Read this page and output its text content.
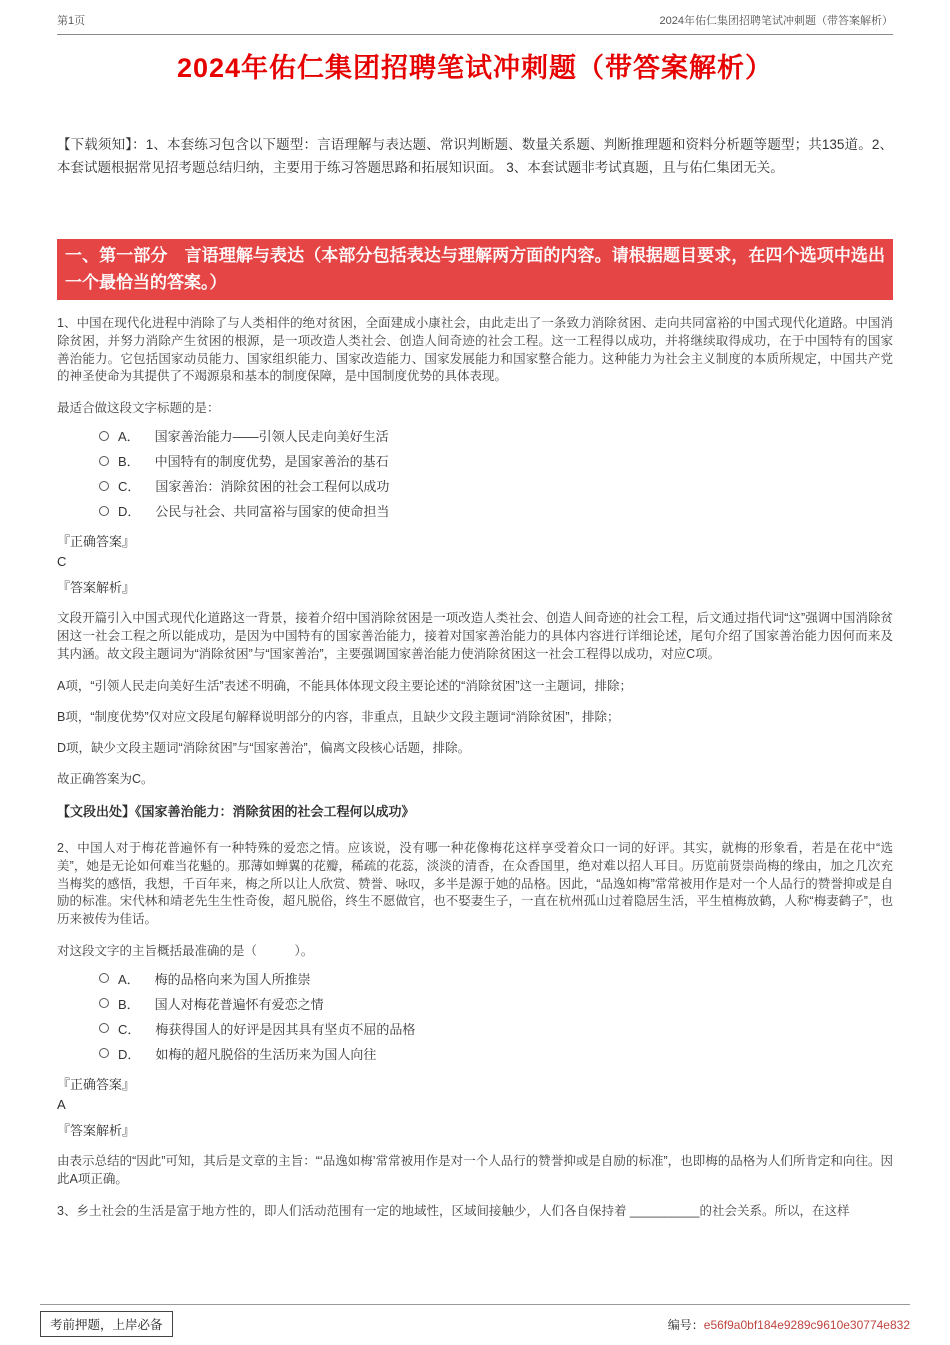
第1页	2024年佑仁集团招聘笔试冲刺题（带答案解析）
2024年佑仁集团招聘笔试冲刺题（带答案解析）

【下载须知】：1、本套练习包含以下题型：言语理解与表达题、常识判断题、数量关系题、判断推理题和资料分析题等题型；共135道。2、本套试题根据常见招考题总结归纳，主要用于练习答题思路和拓展知识面。 3、本套试题非考试真题，且与佑仁集团无关。

一、第一部分　言语理解与表达（本部分包括表达与理解两方面的内容。请根据题目要求，在四个选项中选出一个最恰当的答案。）

1、中国在现代化进程中消除了与人类相伴的绝对贫困，全面建成小康社会，由此走出了一条致力消除贫困、走向共同富裕的中国式现代化道路。中国消除贫困，并努力消除产生贫困的根源，是一项改造人类社会、创造人间奇迹的社会工程。这一工程得以成功，并将继续取得成功，在于中国特有的国家善治能力。它包括国家动员能力、国家组织能力、国家改造能力、国家发展能力和国家整合能力。这种能力为社会主义制度的本质所规定，中国共产党的神圣使命为其提供了不竭源泉和基本的制度保障，是中国制度优势的具体表现。

最适合做这段文字标题的是：

A． 国家善治能力——引领人民走向美好生活
B． 中国特有的制度优势，是国家善治的基石
C． 国家善治：消除贫困的社会工程何以成功
D． 公民与社会、共同富裕与国家的使命担当

『正确答案』

C

『答案解析』

文段开篇引入中国式现代化道路这一背景，接着介绍中国消除贫困是一项改造人类社会、创造人间奇迹的社会工程，后文通过指代词“这”强调中国消除贫困这一社会工程之所以能成功，是因为中国特有的国家善治能力，接着对国家善治能力的具体内容进行详细论述，尾句介绍了国家善治能力因何而来及其内涵。故文段主题词为“消除贫困”与“国家善治”，主要强调国家善治能力使消除贫困这一社会工程得以成功，对应C项。

A项，“引领人民走向美好生活”表述不明确，不能具体体现文段主要论述的“消除贫困”这一主题词，排除；

B项，“制度优势”仅对应文段尾句解释说明部分的内容，非重点，且缺少文段主题词“消除贫困”，排除；

D项，缺少文段主题词“消除贫困”与“国家善治”，偏离文段核心话题，排除。

故正确答案为C。

【文段出处】《国家善治能力：消除贫困的社会工程何以成功》

2、中国人对于梅花普遍怀有一种特殊的爱恋之情。应该说，没有哪一种花像梅花这样享受着众口一词的好评。其实，就梅的形象看，若是在花中“选美”，她是无论如何难当花魁的。那薄如蝉翼的花瓣，稀疏的花蕊，淡淡的清香，在众香国里，绝对难以招人耳目。历览前贤崇尚梅的缘由，加之几次充当梅奖的感悟，我想，千百年来，梅之所以让人欣赏、赞誉、咏叹，多半是源于她的品格。因此，“品逸如梅”常常被用作是对一个人品行的赞誉抑或是自励的标准。宋代林和靖老先生生性奇俊，超凡脱俗，终生不愿做官，也不娶妻生子，一直在杭州孤山过着隐居生活，平生植梅放鹤，人称“梅妻鹤子”，也历来被传为佳话。

对这段文字的主旨概括最准确的是（　　　）。

A． 梅的品格向来为国人所推崇
B． 国人对梅花普遍怀有爱恋之情
C． 梅获得国人的好评是因其具有坚贞不屈的品格
D． 如梅的超凡脱俗的生活历来为国人向往

『正确答案』

A

『答案解析』

由表示总结的“因此”可知，其后是文章的主旨：“‘品逸如梅’常常被用作是对一个人品行的赞誉抑或是自励的标准”，也即梅的品格为人们所肯定和向往。因此A项正确。

3、乡土社会的生活是富于地方性的，即人们活动范围有一定的地域性，区域间接触少，人们各自保持着 __________的社会关系。所以，在这样

考前押题，上岸必备	编号：e56f9a0bf184e9289c9610e30774e832
